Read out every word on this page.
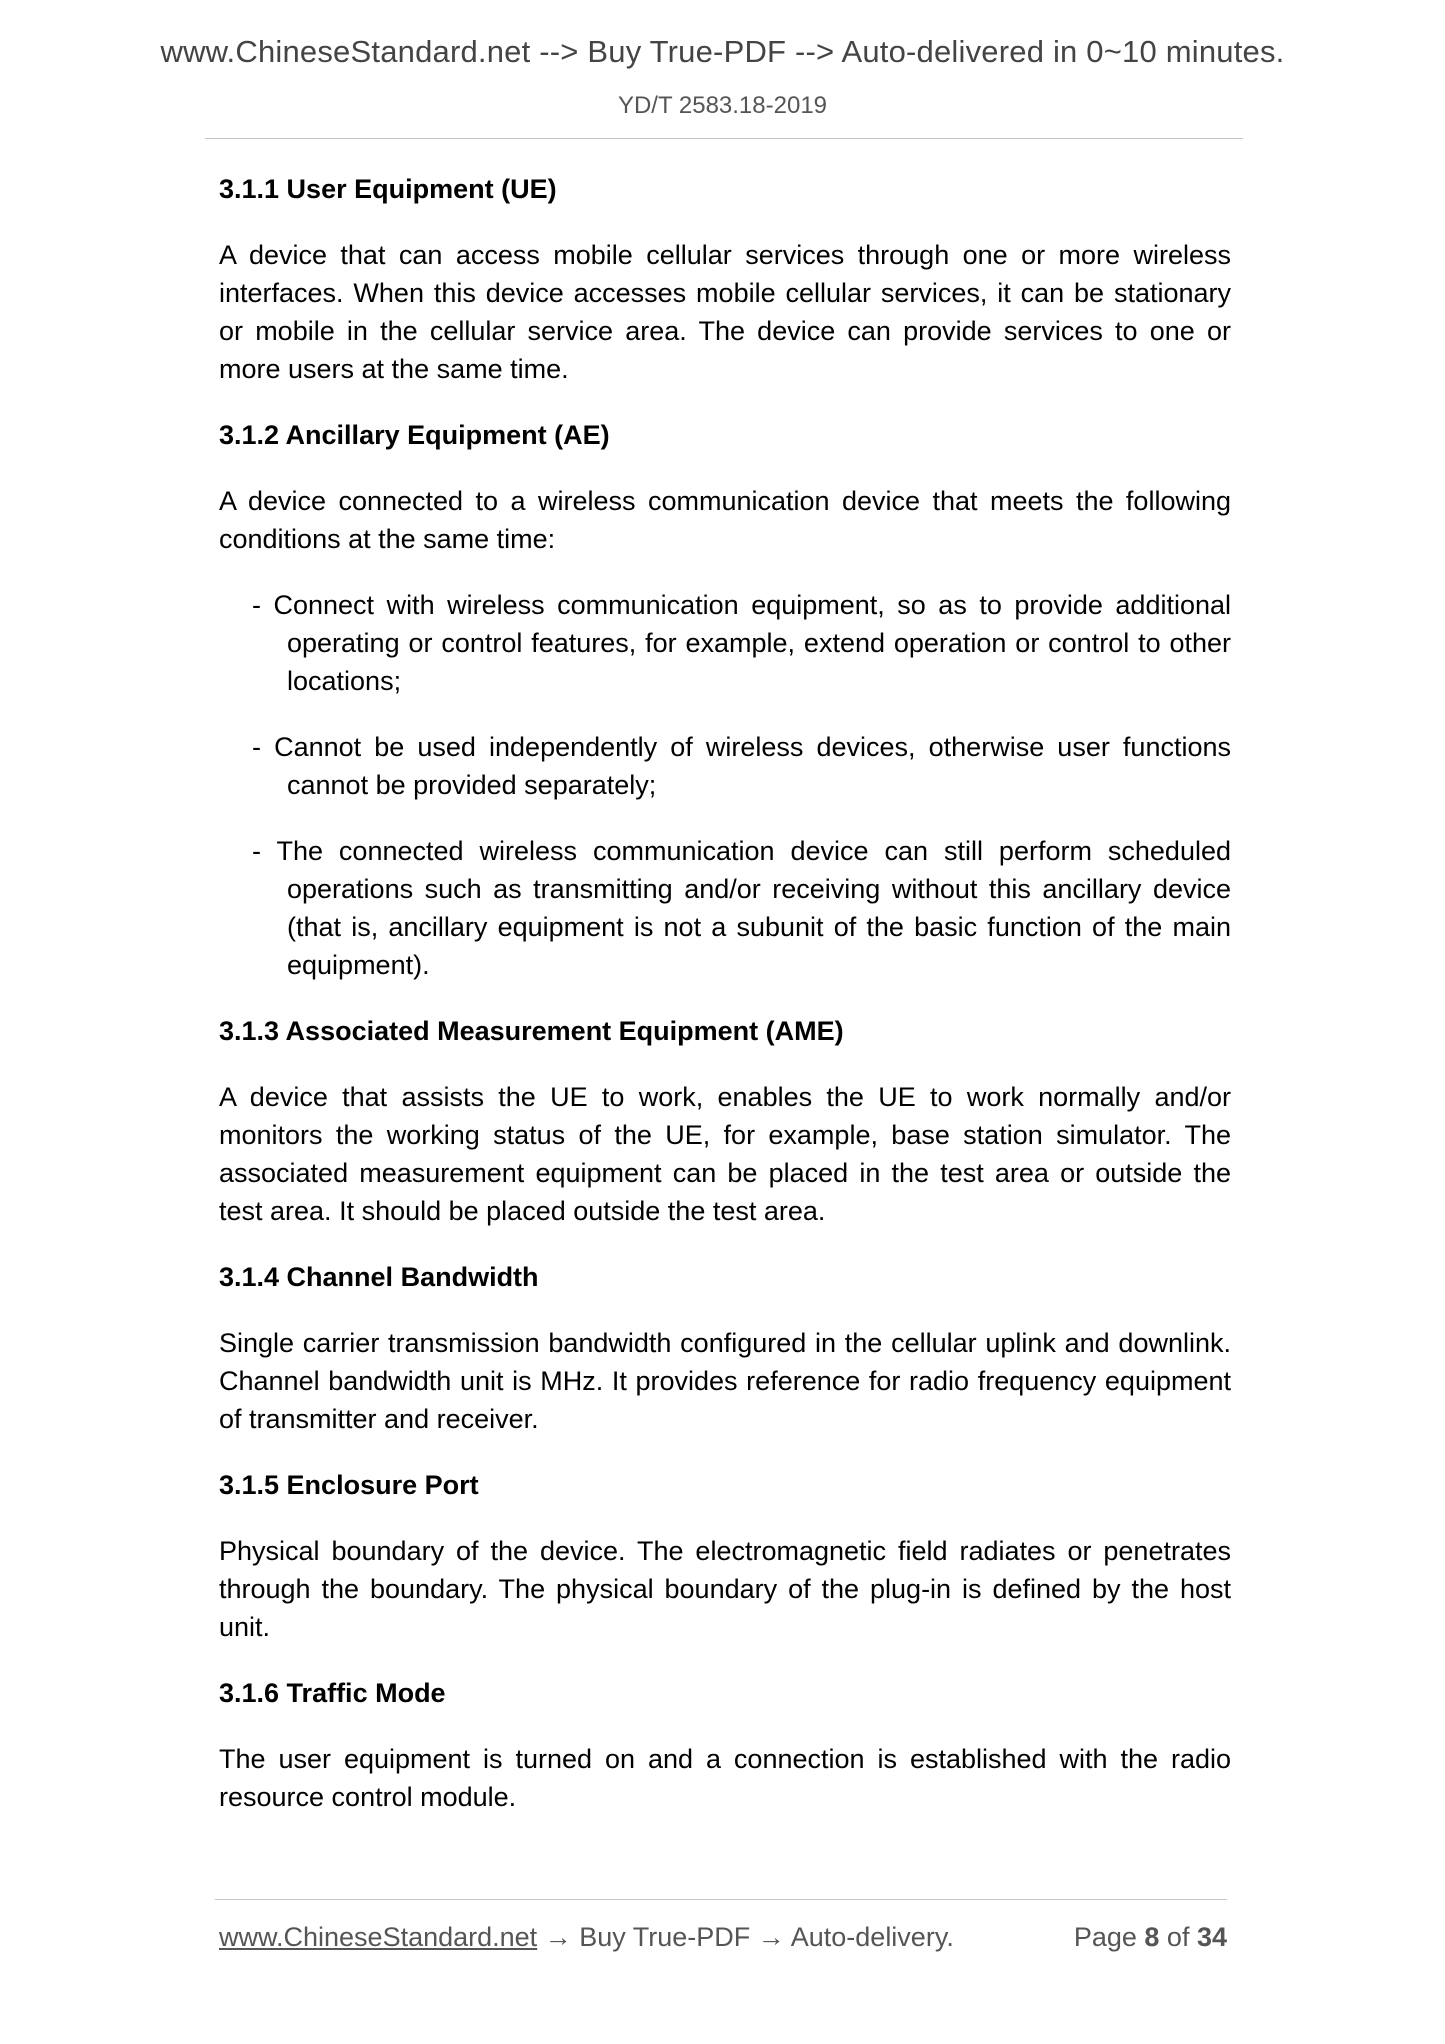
www.ChineseStandard.net --> Buy True-PDF --> Auto-delivered in 0~10 minutes.
YD/T 2583.18-2019
3.1.1 User Equipment (UE)

A device that can access mobile cellular services through one or more wireless interfaces. When this device accesses mobile cellular services, it can be stationary or mobile in the cellular service area. The device can provide services to one or more users at the same time.

3.1.2 Ancillary Equipment (AE)

A device connected to a wireless communication device that meets the following conditions at the same time:

- Connect with wireless communication equipment, so as to provide additional operating or control features, for example, extend operation or control to other locations;
- Cannot be used independently of wireless devices, otherwise user functions cannot be provided separately;
- The connected wireless communication device can still perform scheduled operations such as transmitting and/or receiving without this ancillary device (that is, ancillary equipment is not a subunit of the basic function of the main equipment).
3.1.3 Associated Measurement Equipment (AME)

A device that assists the UE to work, enables the UE to work normally and/or monitors the working status of the UE, for example, base station simulator. The associated measurement equipment can be placed in the test area or outside the test area. It should be placed outside the test area.

3.1.4 Channel Bandwidth

Single carrier transmission bandwidth configured in the cellular uplink and downlink. Channel bandwidth unit is MHz. It provides reference for radio frequency equipment of transmitter and receiver.

3.1.5 Enclosure Port

Physical boundary of the device. The electromagnetic field radiates or penetrates through the boundary. The physical boundary of the plug-in is defined by the host unit.

3.1.6 Traffic Mode

The user equipment is turned on and a connection is established with the radio resource control module.

www.ChineseStandard.net → Buy True-PDF → Auto-delivery.	Page 8 of 34
